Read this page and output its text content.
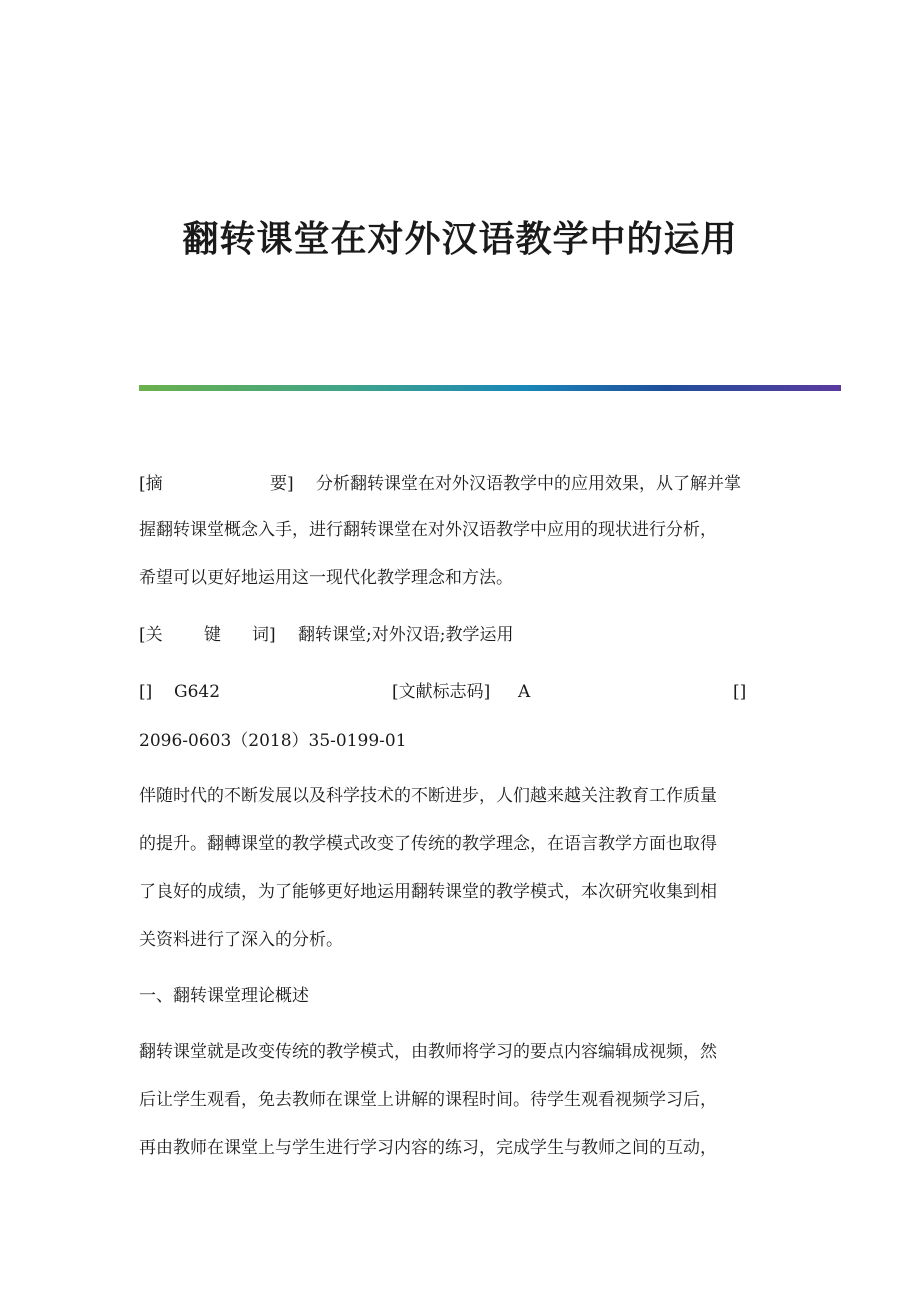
翻转课堂在对外汉语教学中的运用
[摘	要] 分析翻转课堂在对外汉语教学中的应用效果，从了解并掌

握翻转课堂概念入手，进行翻转课堂在对外汉语教学中应用的现状进行分析，

希望可以更好地运用这一现代化教学理念和方法。

[关 键 词] 翻转课堂;对外汉语;教学运用
[] G642	[文献标志码] A	[]

2096-0603（2018）35-0199-01

伴随时代的不断发展以及科学技术的不断进步，人们越来越关注教育工作质量

的提升。翻轉课堂的教学模式改变了传统的教学理念，在语言教学方面也取得

了良好的成绩，为了能够更好地运用翻转课堂的教学模式，本次研究收集到相

关资料进行了深入的分析。

一、翻转课堂理论概述

翻转课堂就是改变传统的教学模式，由教师将学习的要点内容编辑成视频，然

后让学生观看，免去教师在课堂上讲解的课程时间。待学生观看视频学习后，

再由教师在课堂上与学生进行学习内容的练习，完成学生与教师之间的互动，
